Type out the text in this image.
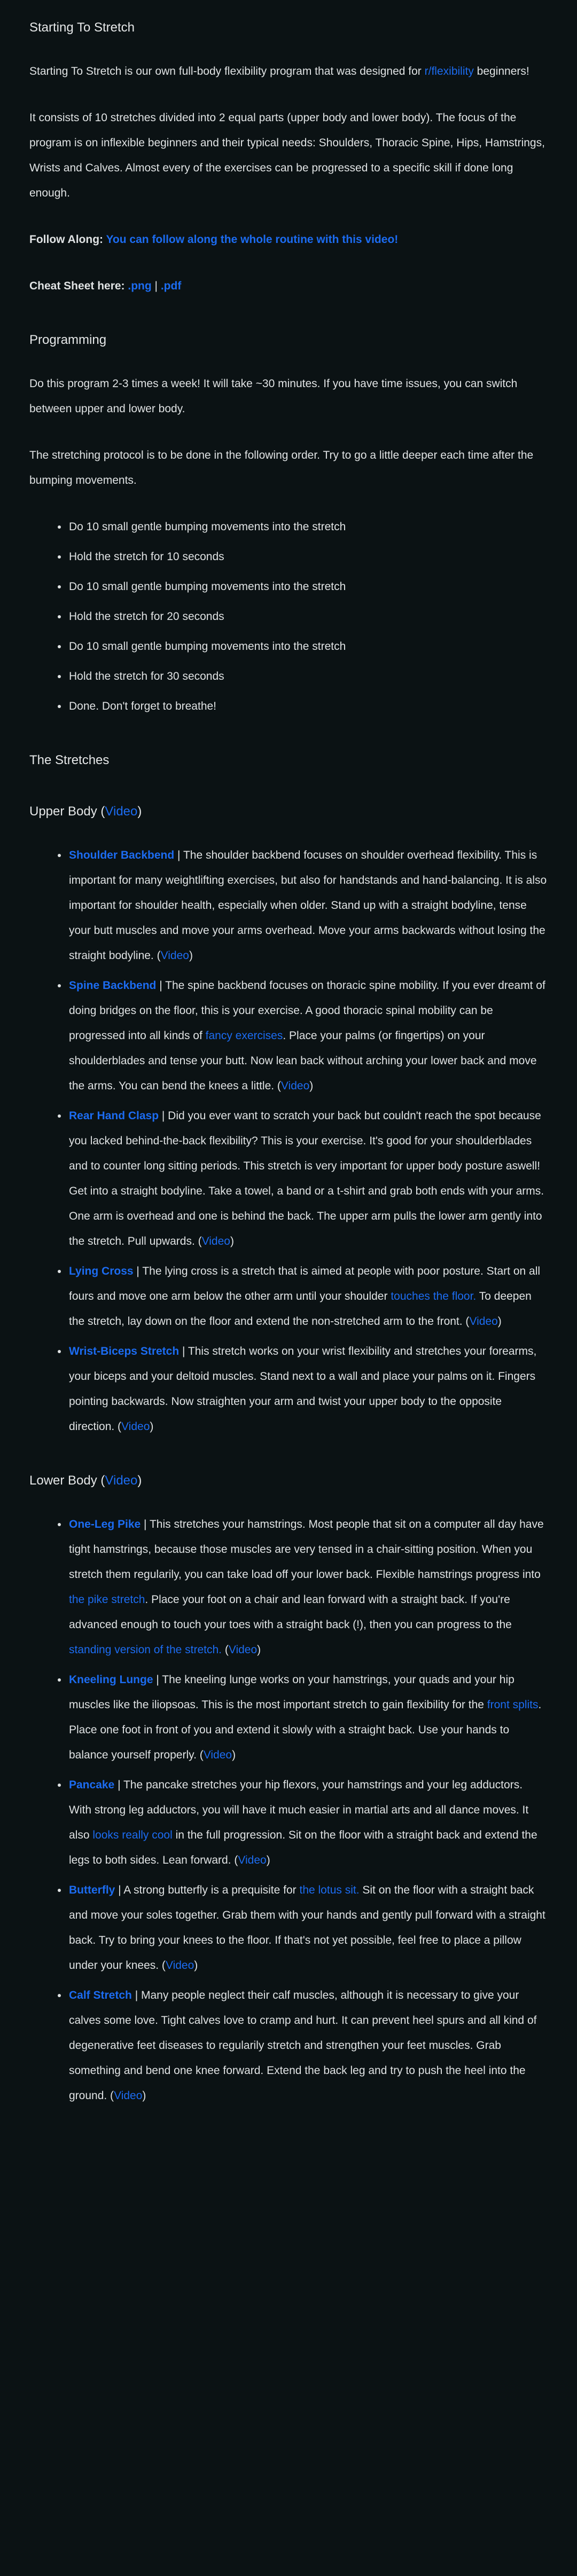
Starting To Stretch

Starting To Stretch is our own full-body flexibility program that was designed for r/flexibility beginners!

It consists of 10 stretches divided into 2 equal parts (upper body and lower body). The focus of the program is on inflexible beginners and their typical needs: Shoulders, Thoracic Spine, Hips, Hamstrings, Wrists and Calves. Almost every of the exercises can be progressed to a specific skill if done long enough.

Follow Along: You can follow along the whole routine with this video!

Cheat Sheet here: .png | .pdf

Programming

Do this program 2-3 times a week! It will take ~30 minutes. If you have time issues, you can switch between upper and lower body.

The stretching protocol is to be done in the following order. Try to go a little deeper each time after the bumping movements.

• Do 10 small gentle bumping movements into the stretch
• Hold the stretch for 10 seconds
• Do 10 small gentle bumping movements into the stretch
• Hold the stretch for 20 seconds
• Do 10 small gentle bumping movements into the stretch
• Hold the stretch for 30 seconds
• Done. Don't forget to breathe!
The Stretches
Upper Body (Video)
• Shoulder Backbend | The shoulder backbend focuses on shoulder overhead flexibility. This is important for many weightlifting exercises, but also for handstands and hand-balancing. It is also important for shoulder health, especially when older. Stand up with a straight bodyline, tense your butt muscles and move your arms overhead. Move your arms backwards without losing the straight bodyline. (Video)
• Spine Backbend | The spine backbend focuses on thoracic spine mobility. If you ever dreamt of doing bridges on the floor, this is your exercise. A good thoracic spinal mobility can be progressed into all kinds of fancy exercises. Place your palms (or fingertips) on your shoulderblades and tense your butt. Now lean back without arching your lower back and move the arms. You can bend the knees a little. (Video)
• Rear Hand Clasp | Did you ever want to scratch your back but couldn't reach the spot because you lacked behind-the-back flexibility? This is your exercise. It's good for your shoulderblades and to counter long sitting periods. This stretch is very important for upper body posture aswell! Get into a straight bodyline. Take a towel, a band or a t-shirt and grab both ends with your arms. One arm is overhead and one is behind the back. The upper arm pulls the lower arm gently into the stretch. Pull upwards. (Video)
• Lying Cross | The lying cross is a stretch that is aimed at people with poor posture. Start on all fours and move one arm below the other arm until your shoulder touches the floor. To deepen the stretch, lay down on the floor and extend the non-stretched arm to the front. (Video)
• Wrist-Biceps Stretch | This stretch works on your wrist flexibility and stretches your forearms, your biceps and your deltoid muscles. Stand next to a wall and place your palms on it. Fingers pointing backwards. Now straighten your arm and twist your upper body to the opposite direction. (Video)
Lower Body (Video)
• One-Leg Pike | This stretches your hamstrings. Most people that sit on a computer all day have tight hamstrings, because those muscles are very tensed in a chair-sitting position. When you stretch them regularily, you can take load off your lower back. Flexible hamstrings progress into the pike stretch. Place your foot on a chair and lean forward with a straight back. If you're advanced enough to touch your toes with a straight back (!), then you can progress to the standing version of the stretch. (Video)
• Kneeling Lunge | The kneeling lunge works on your hamstrings, your quads and your hip muscles like the iliopsoas. This is the most important stretch to gain flexibility for the front splits. Place one foot in front of you and extend it slowly with a straight back. Use your hands to balance yourself properly. (Video)
• Pancake | The pancake stretches your hip flexors, your hamstrings and your leg adductors. With strong leg adductors, you will have it much easier in martial arts and all dance moves. It also looks really cool in the full progression. Sit on the floor with a straight back and extend the legs to both sides. Lean forward. (Video)
• Butterfly | A strong butterfly is a prequisite for the lotus sit. Sit on the floor with a straight back and move your soles together. Grab them with your hands and gently pull forward with a straight back. Try to bring your knees to the floor. If that's not yet possible, feel free to place a pillow under your knees. (Video)
• Calf Stretch | Many people neglect their calf muscles, although it is necessary to give your calves some love. Tight calves love to cramp and hurt. It can prevent heel spurs and all kind of degenerative feet diseases to regularily stretch and strengthen your feet muscles. Grab something and bend one knee forward. Extend the back leg and try to push the heel into the ground. (Video)
